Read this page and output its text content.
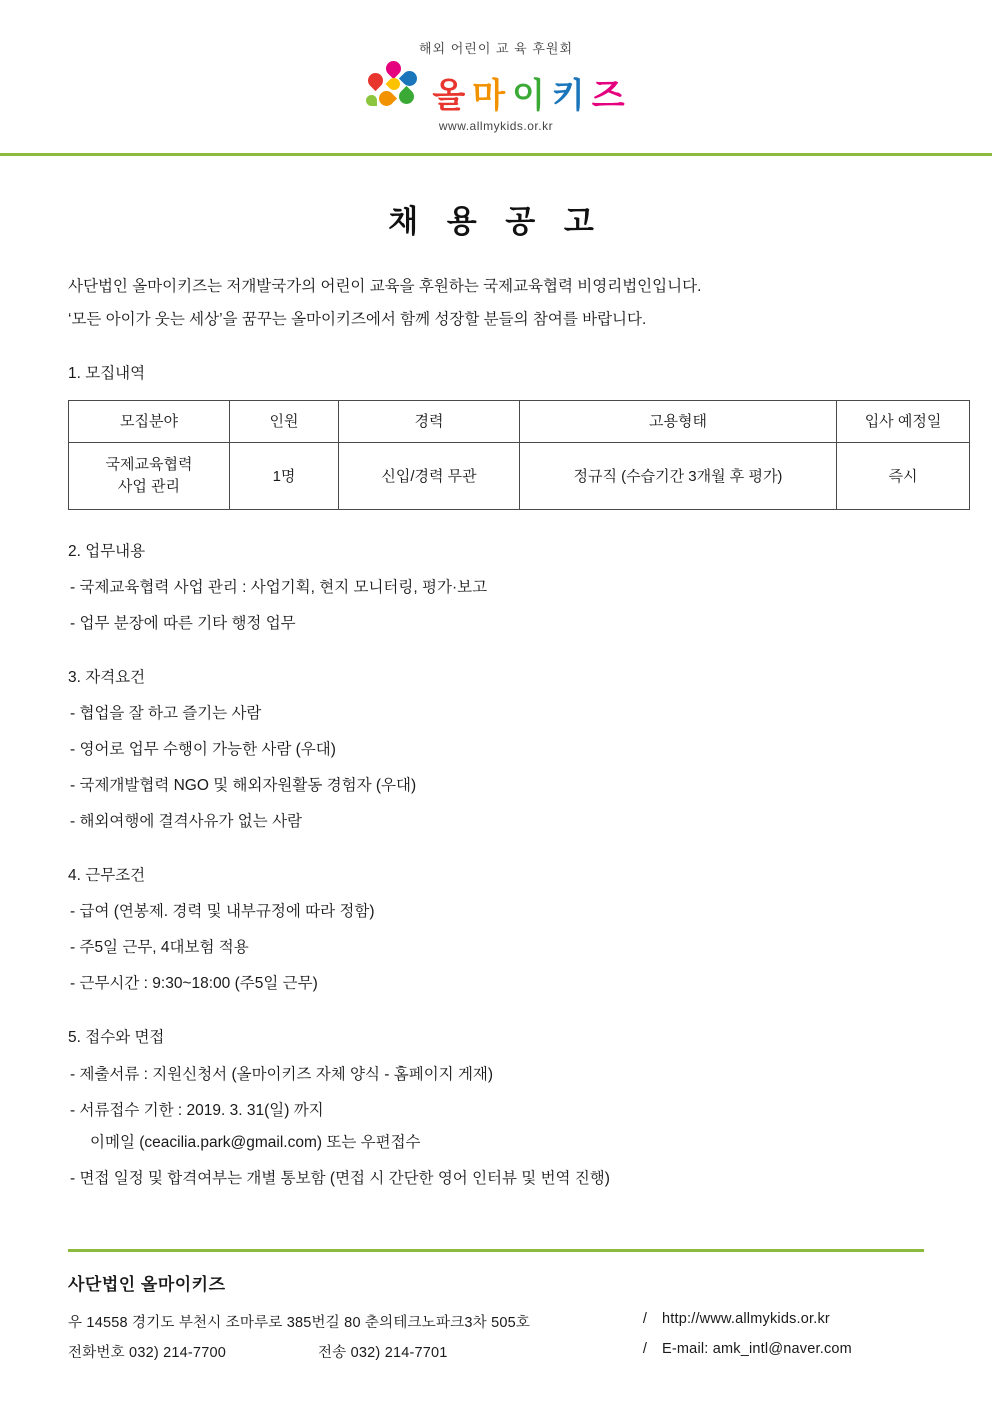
해외 어린이 교 육 후원회
올 마 이 키 즈
www.allmykids.or.kr
채 용 공 고

사단법인 올마이키즈는 저개발국가의 어린이 교육을 후원하는 국제교육협력 비영리법인입니다.

‘모든 아이가 웃는 세상’을 꿈꾸는 올마이키즈에서 함께 성장할 분들의 참여를 바랍니다.

1. 모집내역
모집분야	인원	경력	고용형태	입사 예정일

국제교육협력
사업 관리	1명	신입/경력 무관	정규직 (수습기간 3개월 후 평가)	즉시
2. 업무내용

- 국제교육협력 사업 관리 : 사업기획, 현지 모니터링, 평가·보고

- 업무 분장에 따른 기타 행정 업무

3. 자격요건

- 협업을 잘 하고 즐기는 사람

- 영어로 업무 수행이 가능한 사람 (우대)

- 국제개발협력 NGO 및 해외자원활동 경험자 (우대)

- 해외여행에 결격사유가 없는 사람

4. 근무조건

- 급여 (연봉제. 경력 및 내부규정에 따라 정함)

- 주5일 근무, 4대보험 적용

- 근무시간 : 9:30~18:00 (주5일 근무)

5. 접수와 면접

- 제출서류 : 지원신청서 (올마이키즈 자체 양식 - 홈페이지 게재)

- 서류접수 기한 : 2019. 3. 31(일) 까지

이메일 (ceacilia.park@gmail.com) 또는 우편접수

- 면접 일정 및 합격여부는 개별 통보함 (면접 시 간단한 영어 인터뷰 및 번역 진행)

사단법인 올마이키즈
우 14558 경기도 부천시 조마루로 385번길 80 춘의테크노파크3차 505호	/	http://www.allmykids.or.kr
전화번호 032) 214-7700	전송 032) 214-7701	/	E-mail: amk_intl@naver.com
